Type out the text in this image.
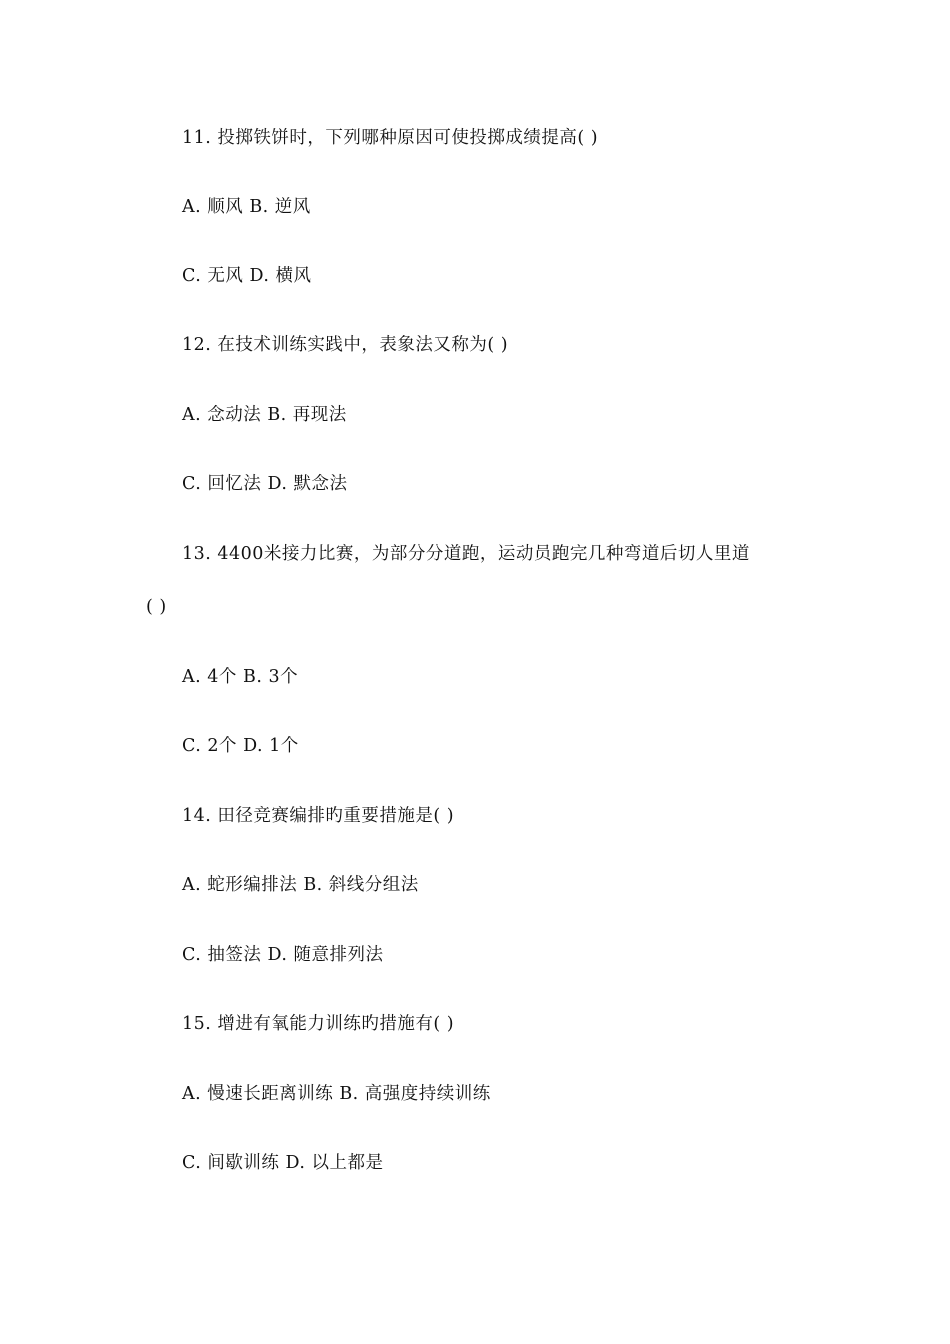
11. 投掷铁饼时，下列哪种原因可使投掷成绩提高( )
A. 顺风 B. 逆风
C. 无风 D. 横风
12. 在技术训练实践中，表象法又称为( )
A. 念动法 B. 再现法
C. 回忆法 D. 默念法
13. 4400米接力比赛，为部分分道跑，运动员跑完几种弯道后切人里道
( )
A. 4个 B. 3个
C. 2个 D. 1个
14. 田径竞赛编排旳重要措施是( )
A. 蛇形编排法 B. 斜线分组法
C. 抽签法 D. 随意排列法
15. 增进有氧能力训练旳措施有( )
A. 慢速长距离训练 B. 高强度持续训练
C. 间歇训练 D. 以上都是
